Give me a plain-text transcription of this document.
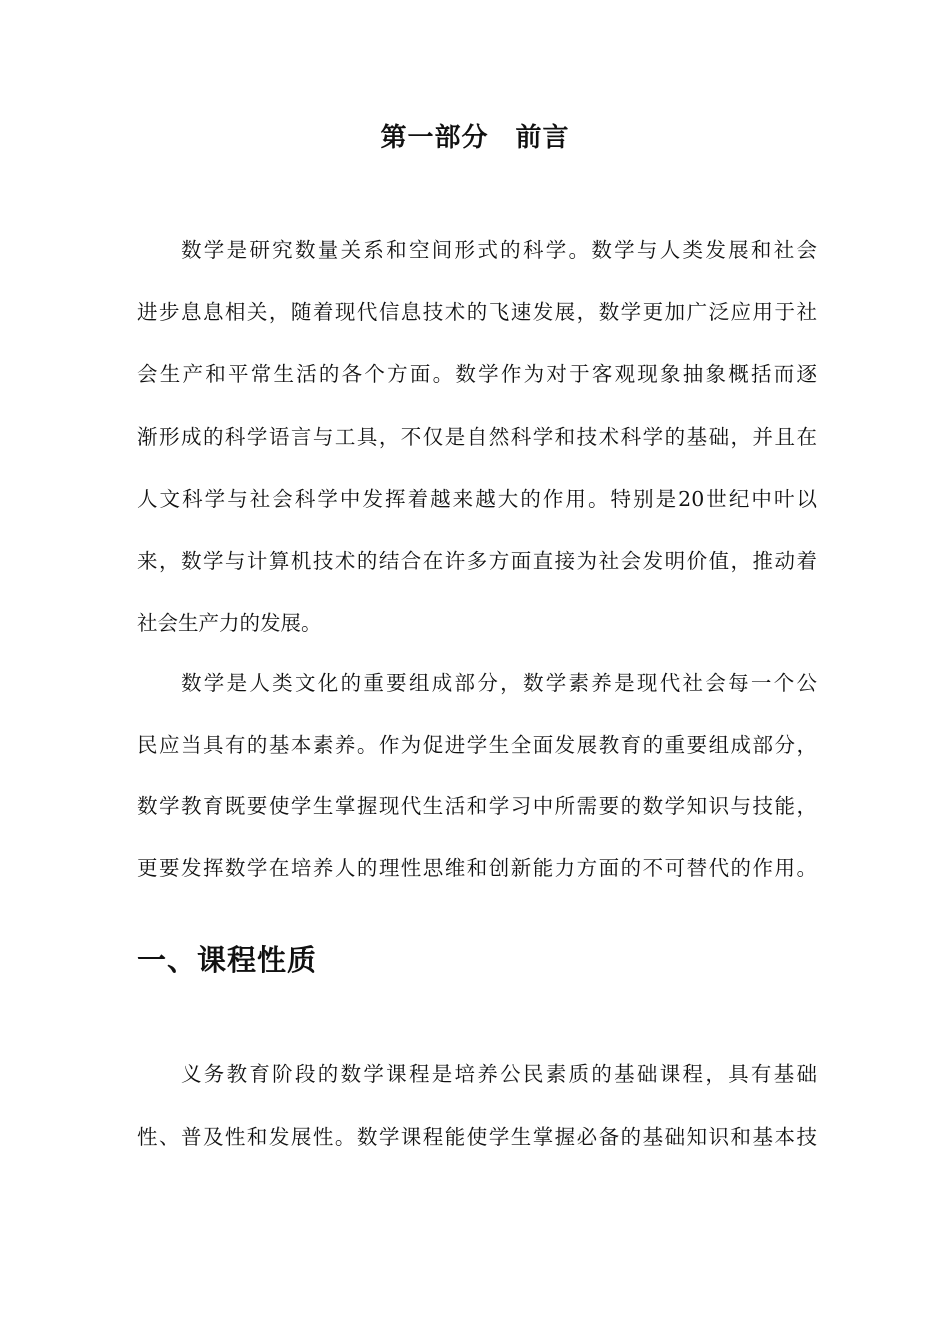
第一部分　前言
数学是研究数量关系和空间形式的科学。数学与人类发展和社会
进步息息相关，随着现代信息技术的飞速发展，数学更加广泛应用于社
会生产和平常生活的各个方面。数学作为对于客观现象抽象概括而逐
渐形成的科学语言与工具，不仅是自然科学和技术科学的基础，并且在
人文科学与社会科学中发挥着越来越大的作用。特别是20世纪中叶以
来，数学与计算机技术的结合在许多方面直接为社会发明价值，推动着
社会生产力的发展。
数学是人类文化的重要组成部分，数学素养是现代社会每一个公
民应当具有的基本素养。作为促进学生全面发展教育的重要组成部分，
数学教育既要使学生掌握现代生活和学习中所需要的数学知识与技能，
更要发挥数学在培养人的理性思维和创新能力方面的不可替代的作用。
一、课程性质
义务教育阶段的数学课程是培养公民素质的基础课程，具有基础
性、普及性和发展性。数学课程能使学生掌握必备的基础知识和基本技
